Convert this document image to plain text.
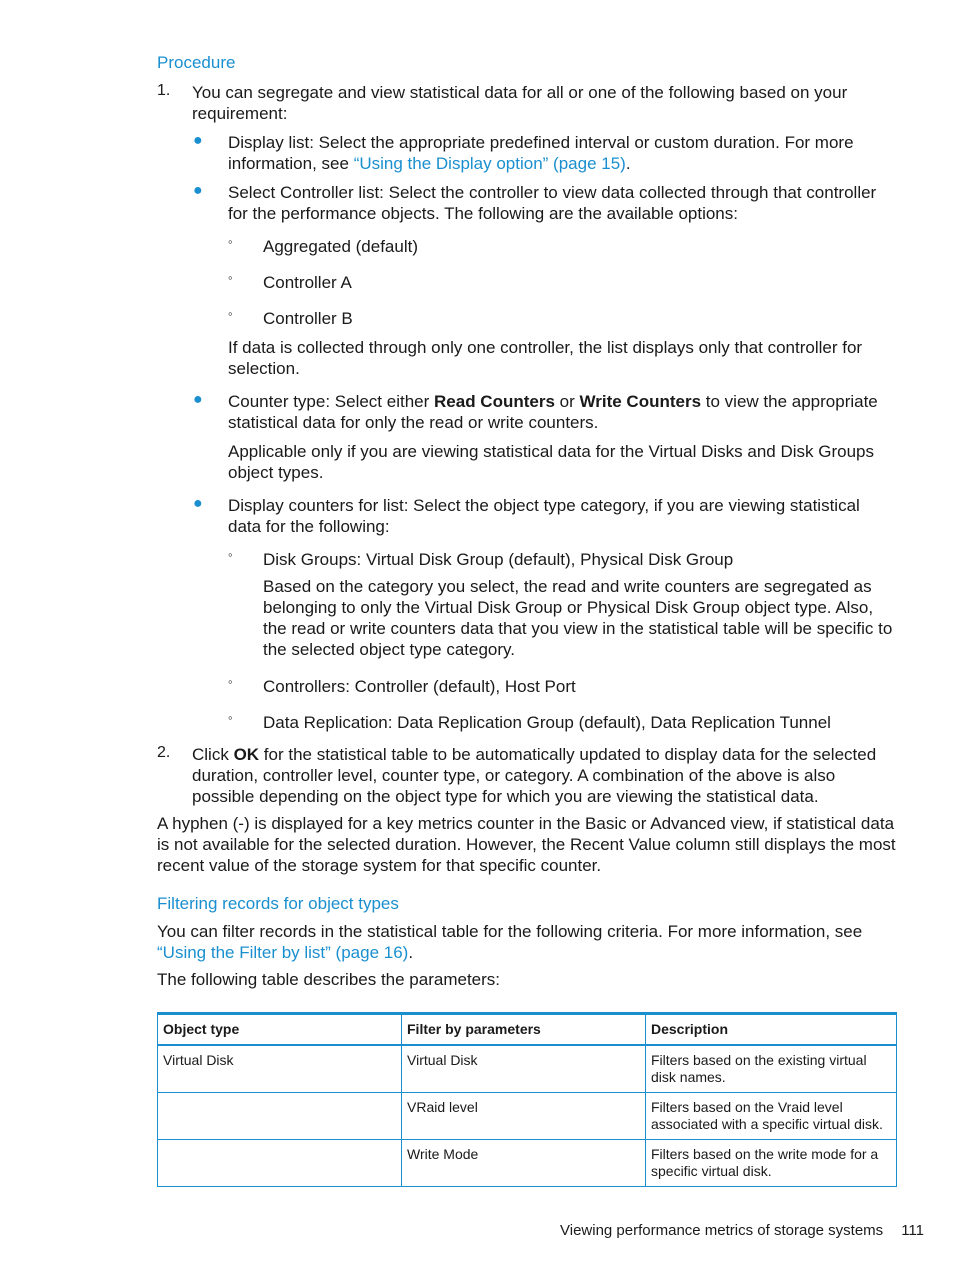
Procedure

1. You can segregate and view statistical data for all or one of the following based on your requirement:

● Display list: Select the appropriate predefined interval or custom duration. For more information, see “Using the Display option” (page 15).

● Select Controller list: Select the controller to view data collected through that controller for the performance objects. The following are the available options:

◦ Aggregated (default)

◦ Controller A

◦ Controller B

If data is collected through only one controller, the list displays only that controller for selection.

● Counter type: Select either Read Counters or Write Counters to view the appropriate statistical data for only the read or write counters.

Applicable only if you are viewing statistical data for the Virtual Disks and Disk Groups object types.

● Display counters for list: Select the object type category, if you are viewing statistical data for the following:

◦ Disk Groups: Virtual Disk Group (default), Physical Disk Group

Based on the category you select, the read and write counters are segregated as belonging to only the Virtual Disk Group or Physical Disk Group object type. Also, the read or write counters data that you view in the statistical table will be specific to the selected object type category.

◦ Controllers: Controller (default), Host Port

◦ Data Replication: Data Replication Group (default), Data Replication Tunnel

2. Click OK for the statistical table to be automatically updated to display data for the selected duration, controller level, counter type, or category. A combination of the above is also possible depending on the object type for which you are viewing the statistical data.

A hyphen (-) is displayed for a key metrics counter in the Basic or Advanced view, if statistical data is not available for the selected duration. However, the Recent Value column still displays the most recent value of the storage system for that specific counter.

Filtering records for object types

You can filter records in the statistical table for the following criteria. For more information, see “Using the Filter by list” (page 16).

The following table describes the parameters:

Object type	Filter by parameters	Description
Virtual Disk	Virtual Disk	Filters based on the existing virtual disk names.
	VRaid level	Filters based on the Vraid level associated with a specific virtual disk.
	Write Mode	Filters based on the write mode for a specific virtual disk.
Viewing performance metrics of storage systems 111
